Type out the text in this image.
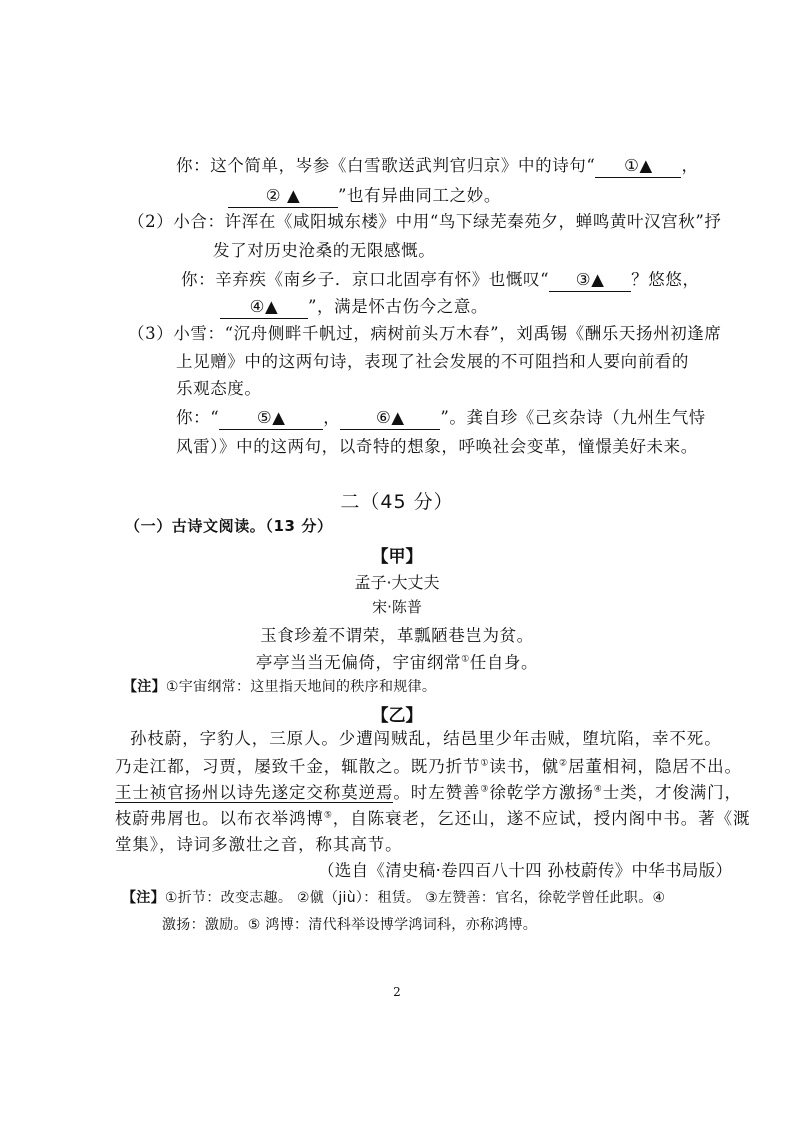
你：这个简单，岑参《白雪歌送武判官归京》中的诗句“ ①▲ ，
② ▲ ”也有异曲同工之妙。
（2）小合：许浑在《咸阳城东楼》中用“鸟下绿芜秦苑夕，蝉鸣黄叶汉宫秋”抒
发了对历史沧桑的无限感慨。
你：辛弃疾《南乡子．京口北固亭有怀》也慨叹“ ③▲ ？悠悠，
④▲ ”，满是怀古伤今之意。
（3）小雪：“沉舟侧畔千帆过，病树前头万木春”，刘禹锡《酬乐天扬州初逢席
上见赠》中的这两句诗，表现了社会发展的不可阻挡和人要向前看的
乐观态度。
你：“ ⑤▲ ， ⑥▲ ”。龚自珍《己亥杂诗（九州生气恃
风雷）》中的这两句，以奇特的想象，呼唤社会变革，憧憬美好未来。
二（45 分）
（一）古诗文阅读。（13 分）
【甲】
孟子·大丈夫
宋·陈普
玉食珍羞不谓荣，革瓢陋巷岂为贫。
亭亭当当无偏倚，宇宙纲常①任自身。
【注】①宇宙纲常：这里指天地间的秩序和规律。
【乙】
孙枝蔚，字豹人，三原人。少遭闯贼乱，结邑里少年击贼，堕坑陷，幸不死。
乃走江都，习贾，屡致千金，辄散之。既乃折节①读书，僦②居董相祠，隐居不出。
王士祯官扬州以诗先遂定交称莫逆焉。时左赞善③徐乾学方激扬④士类，才俊满门，
枝蔚弗屑也。以布衣举鸿博⑤，自陈衰老，乞还山，遂不应试，授内阁中书。著《溉
堂集》，诗词多激壮之音，称其高节。
（选自《清史稿·卷四百八十四 孙枝蔚传》中华书局版）
【注】①折节：改变志趣。 ②僦（jiù）：租赁。 ③左赞善：官名，徐乾学曾任此职。④
激扬：激励。⑤ 鸿博：清代科举设博学鸿词科，亦称鸿博。
2
